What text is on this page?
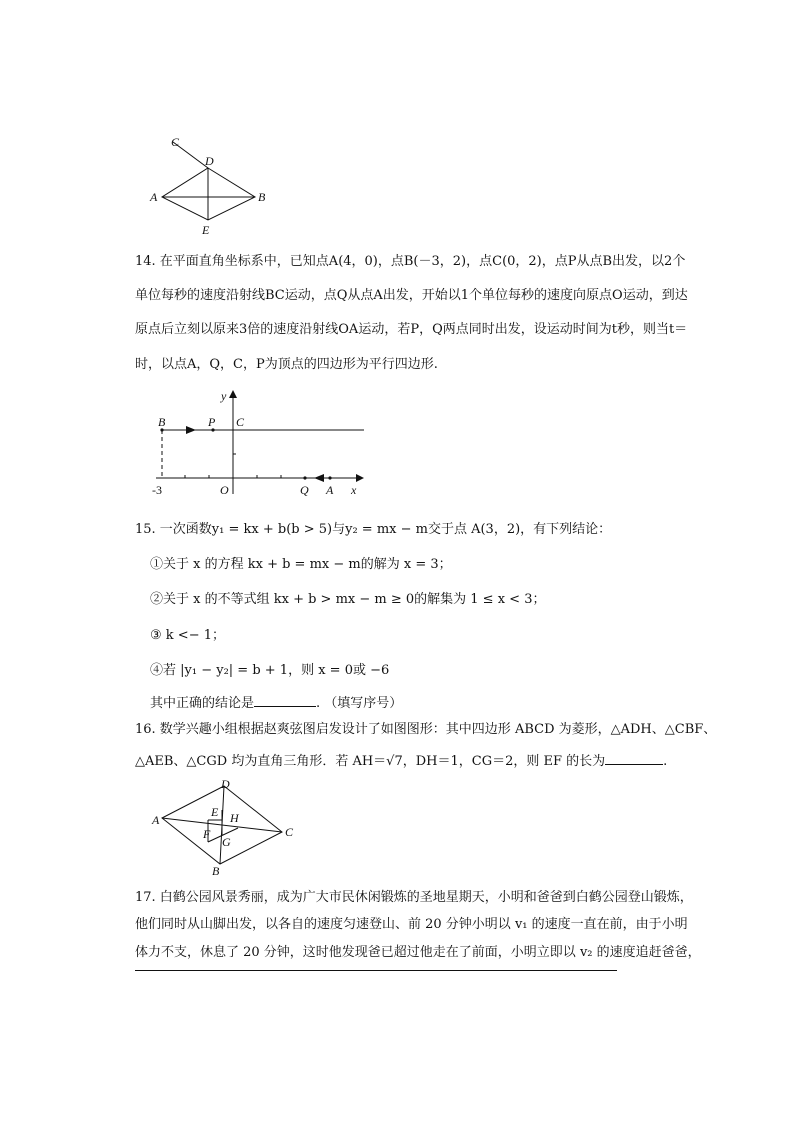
C
D
A	B
E
14. 在平面直角坐标系中，已知点A(4，0)，点B(－3，2)，点C(0，2)，点P从点B出发，以2个
单位每秒的速度沿射线BC运动，点Q从点A出发，开始以1个单位每秒的速度向原点O运动，到达
原点后立刻以原来3倍的速度沿射线OA运动，若P，Q两点同时出发，设运动时间为t秒，则当t＝
时，以点A，Q，C，P为顶点的四边形为平行四边形.
y
B	P C
-3	O	Q A x
15. 一次函数y₁ = kx + b(b > 5)与y₂ = mx − m交于点 A(3，2)，有下列结论：
①关于 x 的方程 kx + b = mx − m的解为 x = 3；
②关于 x 的不等式组 kx + b > mx − m ≥ 0的解集为 1 ≤ x < 3；
③ k <− 1；
④若 |y₁ − y₂| = b + 1，则 x = 0或 −6
其中正确的结论是	. （填写序号）
16. 数学兴趣小组根据赵爽弦图启发设计了如图图形：其中四边形 ABCD 为菱形，△ADH、△CBF、
△AEB、△CGD 均为直角三角形．若 AH＝√7，DH＝1，CG＝2，则 EF 的长为	.
D
E H
A
F	C
G
B
17. 白鹤公园风景秀丽，成为广大市民休闲锻炼的圣地星期天，小明和爸爸到白鹤公园登山锻炼，
他们同时从山脚出发，以各自的速度匀速登山、前 20 分钟小明以 v₁ 的速度一直在前，由于小明
体力不支，休息了 20 分钟，这时他发现爸已超过他走在了前面，小明立即以 v₂ 的速度追赶爸爸，
